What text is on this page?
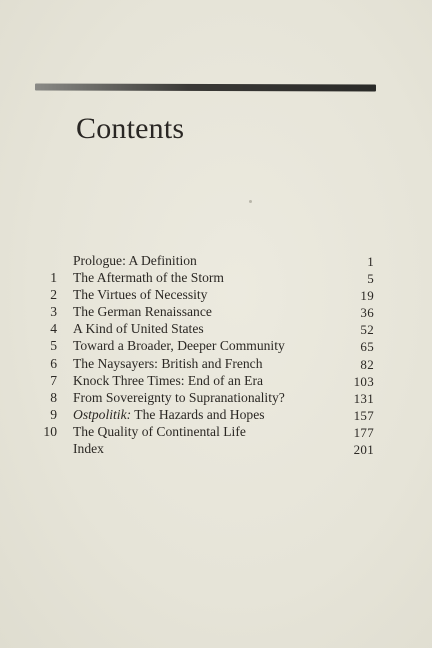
Contents
Prologue: A Definition	1
1 The Aftermath of the Storm	5
2 The Virtues of Necessity	19
3 The German Renaissance	36
4 A Kind of United States	52
5 Toward a Broader, Deeper Community	65
6 The Naysayers: British and French	82
7 Knock Three Times: End of an Era	103
8 From Sovereignty to Supranationality?	131
9 Ostpolitik: The Hazards and Hopes	157
10 The Quality of Continental Life	177
Index	201
